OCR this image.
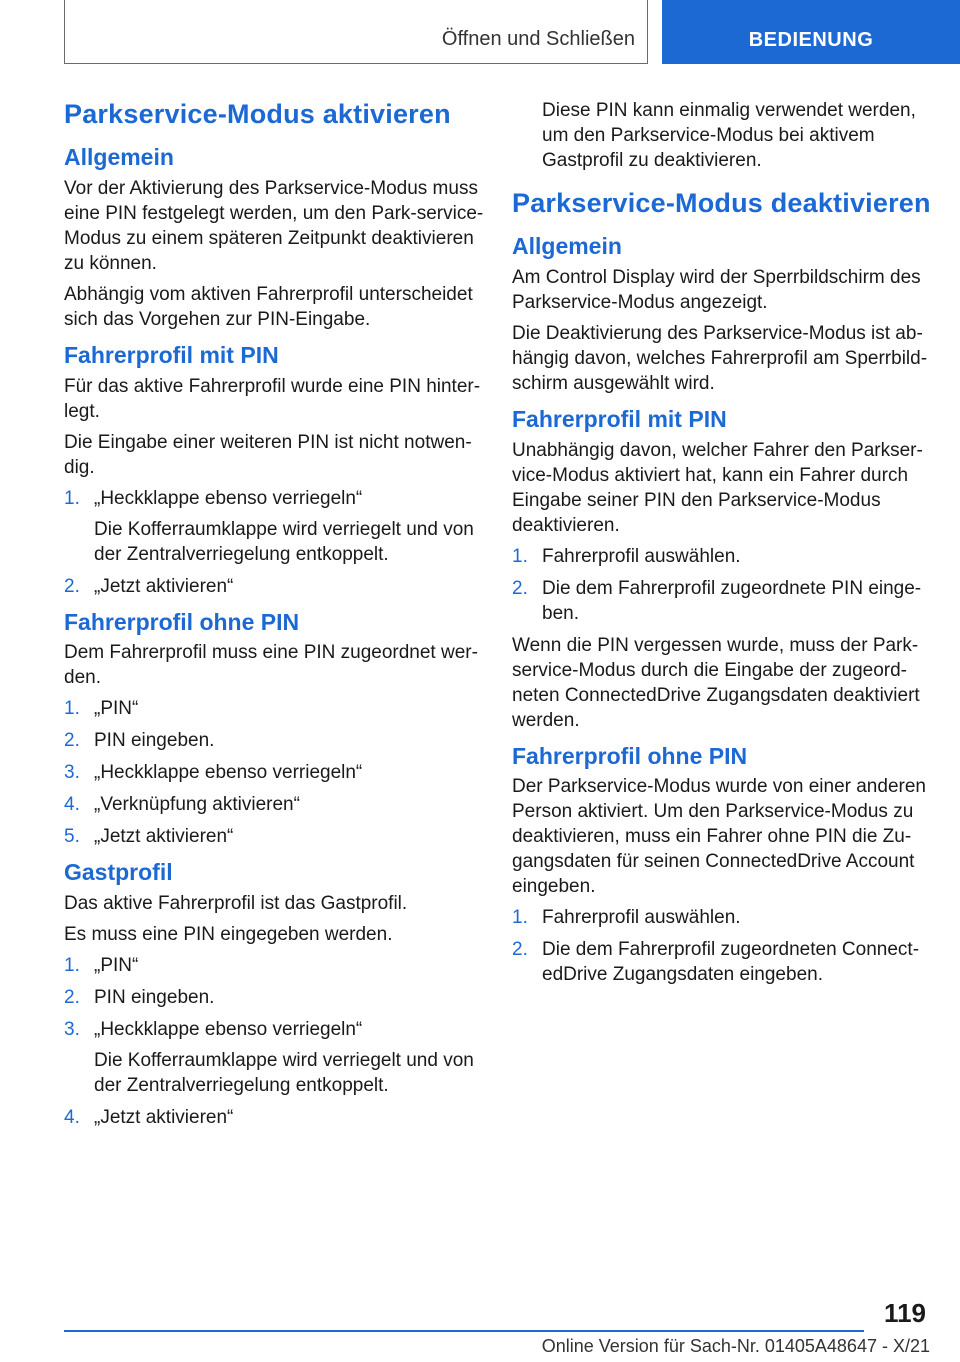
Öffnen und Schließen	BEDIENUNG
Parkservice-Modus aktivieren
Allgemein

Vor der Aktivierung des Parkservice-Modus muss eine PIN festgelegt werden, um den Park-service-Modus zu einem späteren Zeitpunkt deaktivieren zu können.

Abhängig vom aktiven Fahrerprofil unterscheidet sich das Vorgehen zur PIN-Eingabe.

Fahrerprofil mit PIN

Für das aktive Fahrerprofil wurde eine PIN hinter-legt.

Die Eingabe einer weiteren PIN ist nicht notwen-dig.

1. „Heckklappe ebenso verriegeln“
Die Kofferraumklappe wird verriegelt und von der Zentralverriegelung entkoppelt.
2. „Jetzt aktivieren“
Fahrerprofil ohne PIN

Dem Fahrerprofil muss eine PIN zugeordnet wer-den.

1. „PIN“
2. PIN eingeben.
3. „Heckklappe ebenso verriegeln“
4. „Verknüpfung aktivieren“
5. „Jetzt aktivieren“
Gastprofil

Das aktive Fahrerprofil ist das Gastprofil.

Es muss eine PIN eingegeben werden.

1. „PIN“
2. PIN eingeben.
3. „Heckklappe ebenso verriegeln“
Die Kofferraumklappe wird verriegelt und von der Zentralverriegelung entkoppelt.
4. „Jetzt aktivieren“

Diese PIN kann einmalig verwendet werden, um den Parkservice-Modus bei aktivem Gastprofil zu deaktivieren.

Parkservice-Modus deaktivieren
Allgemein

Am Control Display wird der Sperrbildschirm des Parkservice-Modus angezeigt.

Die Deaktivierung des Parkservice-Modus ist ab-hängig davon, welches Fahrerprofil am Sperrbild-schirm ausgewählt wird.

Fahrerprofil mit PIN

Unabhängig davon, welcher Fahrer den Parkser-vice-Modus aktiviert hat, kann ein Fahrer durch Eingabe seiner PIN den Parkservice-Modus deaktivieren.

1. Fahrerprofil auswählen.
2. Die dem Fahrerprofil zugeordnete PIN einge-ben.

Wenn die PIN vergessen wurde, muss der Park-service-Modus durch die Eingabe der zugeord-neten ConnectedDrive Zugangsdaten deaktiviert werden.

Fahrerprofil ohne PIN

Der Parkservice-Modus wurde von einer anderen Person aktiviert. Um den Parkservice-Modus zu deaktivieren, muss ein Fahrer ohne PIN die Zu-gangsdaten für seinen ConnectedDrive Account eingeben.

1. Fahrerprofil auswählen.
2. Die dem Fahrerprofil zugeordneten Connect-edDrive Zugangsdaten eingeben.
119
Online Version für Sach-Nr. 01405A48647 - X/21
